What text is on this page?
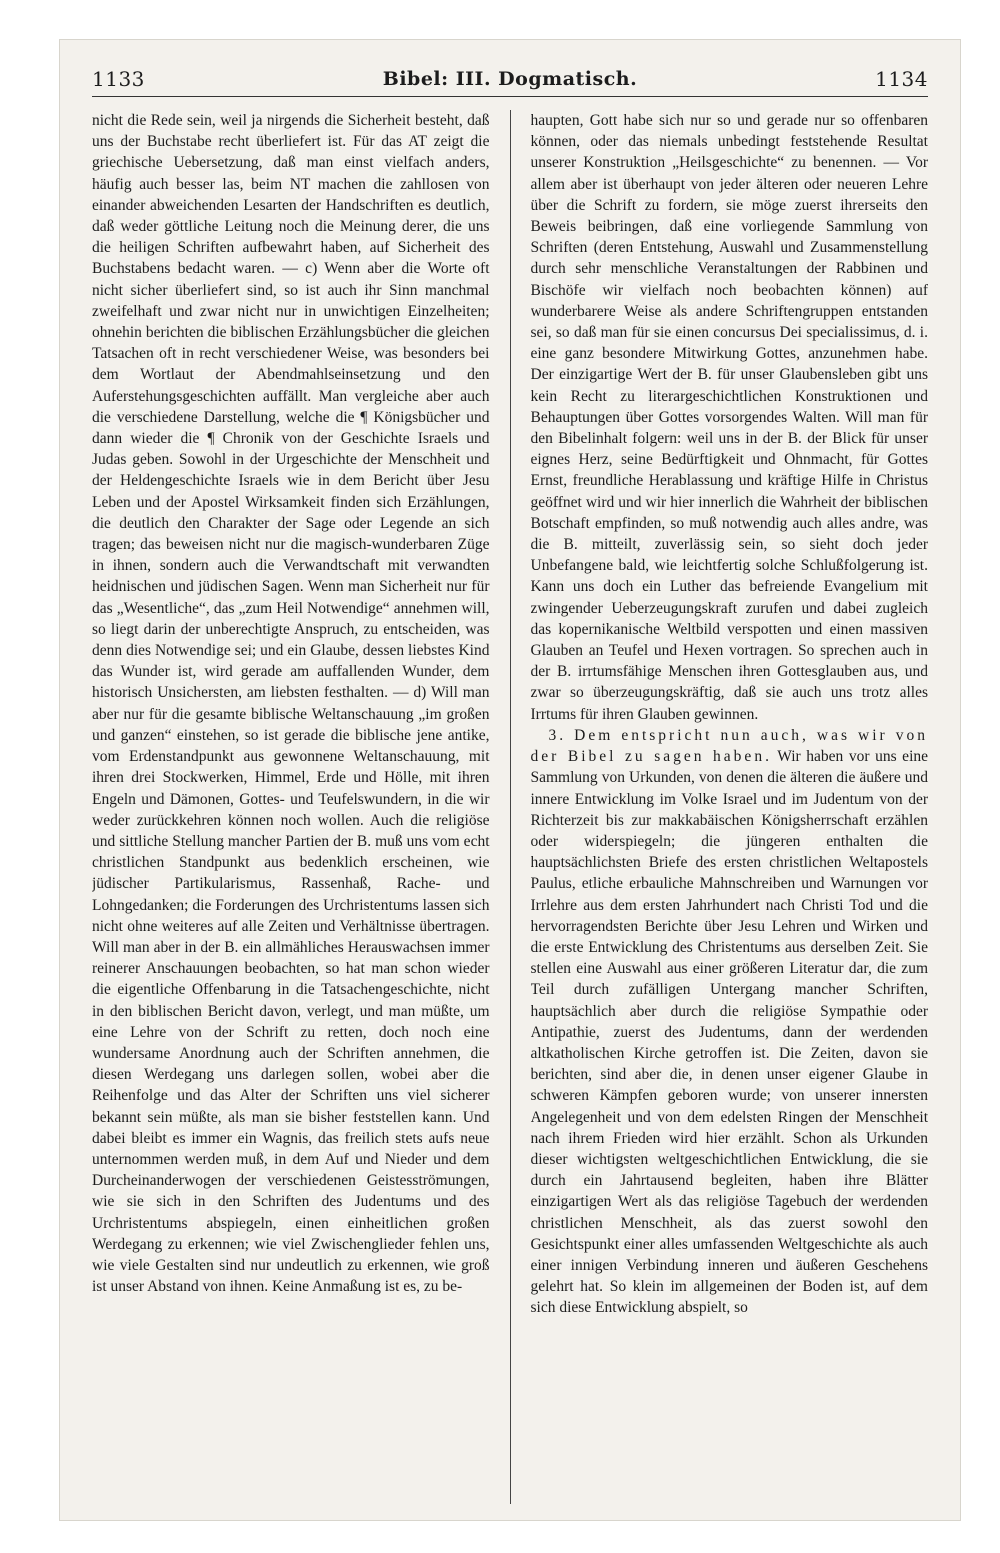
1133	Bibel: III. Dogmatisch.	1134

nicht die Rede sein, weil ja nirgends die Sicherheit besteht, daß uns der Buchstabe recht überliefert ist. Für das AT zeigt die griechische Uebersetzung, daß man einst vielfach anders, häufig auch besser las, beim NT machen die zahllosen von einander abweichenden Lesarten der Handschriften es deutlich, daß weder göttliche Leitung noch die Meinung derer, die uns die heiligen Schriften aufbewahrt haben, auf Sicherheit des Buchstabens bedacht waren. — c) Wenn aber die Worte oft nicht sicher überliefert sind, so ist auch ihr Sinn manchmal zweifelhaft und zwar nicht nur in unwichtigen Einzelheiten; ohnehin berichten die biblischen Erzählungsbücher die gleichen Tatsachen oft in recht verschiedener Weise, was besonders bei dem Wortlaut der Abendmahlseinsetzung und den Auferstehungsgeschichten auffällt. Man vergleiche aber auch die verschiedene Darstellung, welche die ¶ Königsbücher und dann wieder die ¶ Chronik von der Geschichte Israels und Judas geben. Sowohl in der Urgeschichte der Menschheit und der Heldengeschichte Israels wie in dem Bericht über Jesu Leben und der Apostel Wirksamkeit finden sich Erzählungen, die deutlich den Charakter der Sage oder Legende an sich tragen; das beweisen nicht nur die magisch-wunderbaren Züge in ihnen, sondern auch die Verwandtschaft mit verwandten heidnischen und jüdischen Sagen. Wenn man Sicherheit nur für das „Wesentliche“, das „zum Heil Notwendige“ annehmen will, so liegt darin der unberechtigte Anspruch, zu entscheiden, was denn dies Notwendige sei; und ein Glaube, dessen liebstes Kind das Wunder ist, wird gerade am auffallenden Wunder, dem historisch Unsichersten, am liebsten festhalten. — d) Will man aber nur für die gesamte biblische Weltanschauung „im großen und ganzen“ einstehen, so ist gerade die biblische jene antike, vom Erdenstandpunkt aus gewonnene Weltanschauung, mit ihren drei Stockwerken, Himmel, Erde und Hölle, mit ihren Engeln und Dämonen, Gottes- und Teufelswundern, in die wir weder zurückkehren können noch wollen. Auch die religiöse und sittliche Stellung mancher Partien der B. muß uns vom echt christlichen Standpunkt aus bedenklich erscheinen, wie jüdischer Partikularismus, Rassenhaß, Rache- und Lohngedanken; die Forderungen des Urchristentums lassen sich nicht ohne weiteres auf alle Zeiten und Verhältnisse übertragen. Will man aber in der B. ein allmähliches Herauswachsen immer reinerer Anschauungen beobachten, so hat man schon wieder die eigentliche Offenbarung in die Tatsachengeschichte, nicht in den biblischen Bericht davon, verlegt, und man müßte, um eine Lehre von der Schrift zu retten, doch noch eine wundersame Anordnung auch der Schriften annehmen, die diesen Werdegang uns darlegen sollen, wobei aber die Reihenfolge und das Alter der Schriften uns viel sicherer bekannt sein müßte, als man sie bisher feststellen kann. Und dabei bleibt es immer ein Wagnis, das freilich stets aufs neue unternommen werden muß, in dem Auf und Nieder und dem Durcheinanderwogen der verschiedenen Geistesströmungen, wie sie sich in den Schriften des Judentums und des Urchristentums abspiegeln, einen einheitlichen großen Werdegang zu erkennen; wie viel Zwischenglieder fehlen uns, wie viele Gestalten sind nur undeutlich zu erkennen, wie groß ist unser Abstand von ihnen. Keine Anmaßung ist es, zu be-

haupten, Gott habe sich nur so und gerade nur so offenbaren können, oder das niemals unbedingt feststehende Resultat unserer Konstruktion „Heilsgeschichte“ zu benennen. — Vor allem aber ist überhaupt von jeder älteren oder neueren Lehre über die Schrift zu fordern, sie möge zuerst ihrerseits den Beweis beibringen, daß eine vorliegende Sammlung von Schriften (deren Entstehung, Auswahl und Zusammenstellung durch sehr menschliche Veranstaltungen der Rabbinen und Bischöfe wir vielfach noch beobachten können) auf wunderbarere Weise als andere Schriftengruppen entstanden sei, so daß man für sie einen concursus Dei specialissimus, d. i. eine ganz besondere Mitwirkung Gottes, anzunehmen habe. Der einzigartige Wert der B. für unser Glaubensleben gibt uns kein Recht zu literargeschichtlichen Konstruktionen und Behauptungen über Gottes vorsorgendes Walten. Will man für den Bibelinhalt folgern: weil uns in der B. der Blick für unser eignes Herz, seine Bedürftigkeit und Ohnmacht, für Gottes Ernst, freundliche Herablassung und kräftige Hilfe in Christus geöffnet wird und wir hier innerlich die Wahrheit der biblischen Botschaft empfinden, so muß notwendig auch alles andre, was die B. mitteilt, zuverlässig sein, so sieht doch jeder Unbefangene bald, wie leichtfertig solche Schlußfolgerung ist. Kann uns doch ein Luther das befreiende Evangelium mit zwingender Ueberzeugungskraft zurufen und dabei zugleich das kopernikanische Weltbild verspotten und einen massiven Glauben an Teufel und Hexen vortragen. So sprechen auch in der B. irrtumsfähige Menschen ihren Gottesglauben aus, und zwar so überzeugungskräftig, daß sie auch uns trotz alles Irrtums für ihren Glauben gewinnen.

3. Dem entspricht nun auch, was wir von der Bibel zu sagen haben. Wir haben vor uns eine Sammlung von Urkunden, von denen die älteren die äußere und innere Entwicklung im Volke Israel und im Judentum von der Richterzeit bis zur makkabäischen Königsherrschaft erzählen oder widerspiegeln; die jüngeren enthalten die hauptsächlichsten Briefe des ersten christlichen Weltapostels Paulus, etliche erbauliche Mahnschreiben und Warnungen vor Irrlehre aus dem ersten Jahrhundert nach Christi Tod und die hervorragendsten Berichte über Jesu Lehren und Wirken und die erste Entwicklung des Christentums aus derselben Zeit. Sie stellen eine Auswahl aus einer größeren Literatur dar, die zum Teil durch zufälligen Untergang mancher Schriften, hauptsächlich aber durch die religiöse Sympathie oder Antipathie, zuerst des Judentums, dann der werdenden altkatholischen Kirche getroffen ist. Die Zeiten, davon sie berichten, sind aber die, in denen unser eigener Glaube in schweren Kämpfen geboren wurde; von unserer innersten Angelegenheit und von dem edelsten Ringen der Menschheit nach ihrem Frieden wird hier erzählt. Schon als Urkunden dieser wichtigsten weltgeschichtlichen Entwicklung, die sie durch ein Jahrtausend begleiten, haben ihre Blätter einzigartigen Wert als das religiöse Tagebuch der werdenden christlichen Menschheit, als das zuerst sowohl den Gesichtspunkt einer alles umfassenden Weltgeschichte als auch einer innigen Verbindung inneren und äußeren Geschehens gelehrt hat. So klein im allgemeinen der Boden ist, auf dem sich diese Entwicklung abspielt, so
